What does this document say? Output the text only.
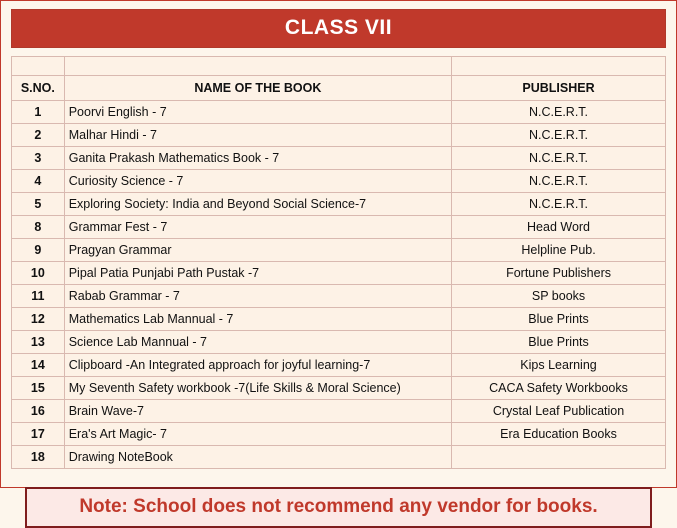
CLASS VII

S.NO.	NAME OF THE BOOK	PUBLISHER
1	Poorvi English - 7	N.C.E.R.T.
2	Malhar Hindi - 7	N.C.E.R.T.
3	Ganita Prakash Mathematics Book - 7	N.C.E.R.T.
4	Curiosity Science - 7	N.C.E.R.T.
5	Exploring Society: India and Beyond Social Science-7	N.C.E.R.T.
8	Grammar Fest - 7	Head Word
9	Pragyan Grammar	Helpline Pub.
10	Pipal Patia Punjabi Path Pustak -7	Fortune Publishers
11	Rabab Grammar - 7	SP books
12	Mathematics Lab Mannual - 7	Blue Prints
13	Science Lab Mannual - 7	Blue Prints
14	Clipboard -An Integrated approach for joyful learning-7	Kips Learning
15	My Seventh Safety workbook -7(Life Skills & Moral Science)	CACA Safety Workbooks
16	Brain Wave-7	Crystal Leaf Publication
17	Era's Art Magic- 7	Era Education Books
18	Drawing NoteBook	
Note: School does not recommend any vendor for books.
